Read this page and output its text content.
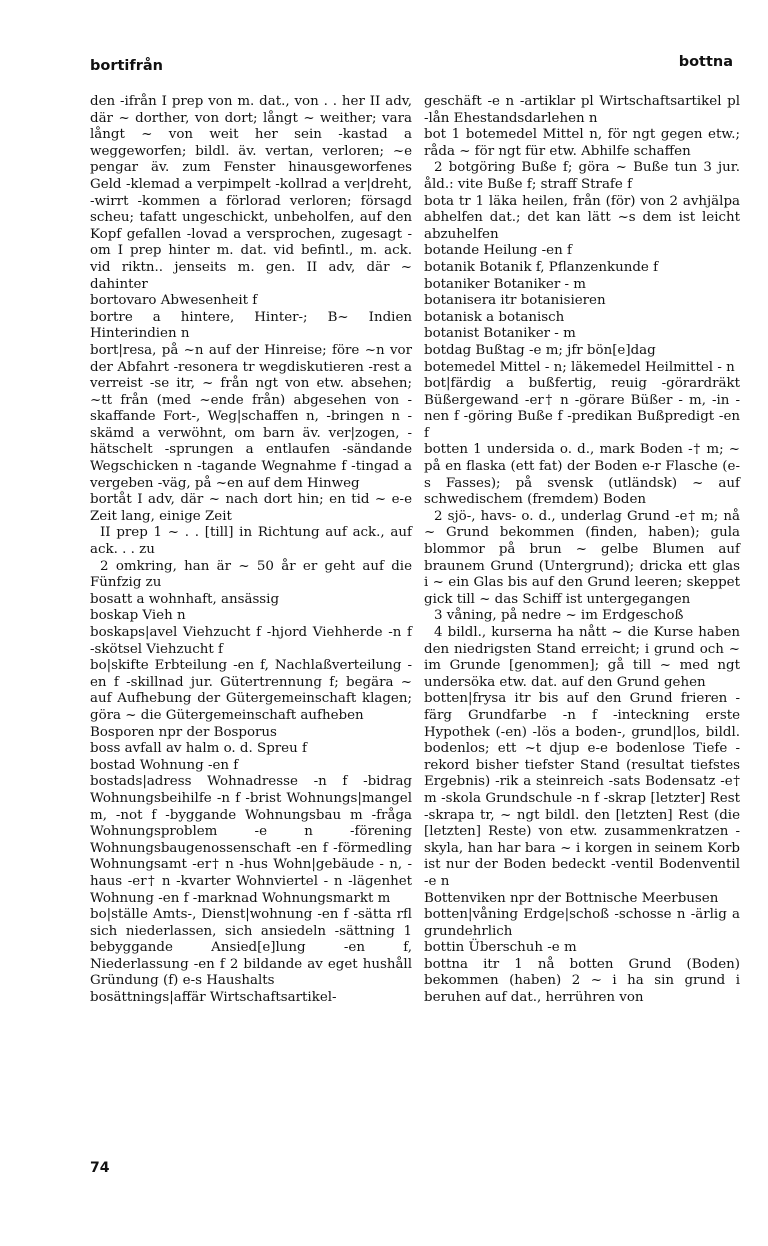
bortifrån	bottna

den -ifrån I prep von m. dat., von . . her II adv, där ~ dorther, von dort; långt ~ weither; vara långt ~ von weit her sein -kastad a weggeworfen; bildl. äv. vertan, verloren; ~e pengar äv. zum Fenster hinausgeworfenes Geld -klemad a verpimpelt -kollrad a ver|dreht, -wirrt -kommen a förlorad verloren; försagd scheu; tafatt ungeschickt, unbeholfen, auf den Kopf gefallen -lovad a versprochen, zugesagt -om I prep hinter m. dat. vid befintl., m. ack. vid riktn.. jenseits m. gen. II adv, där ~ dahinter

bortovaro Abwesenheit f

bortre a hintere, Hinter-; B~ Indien Hinterindien n

bort|resa, på ~n auf der Hinreise; före ~n vor der Abfahrt -resonera tr wegdiskutieren -rest a verreist -se itr, ~ från ngt von etw. absehen; ~tt från (med ~ende från) abgesehen von -skaffande Fort-, Weg|schaffen n, -bringen n -skämd a verwöhnt, om barn äv. ver|zogen, -hätschelt -sprungen a entlaufen -sändande Wegschicken n -tagande Wegnahme f -tingad a vergeben -väg, på ~en auf dem Hinweg

bortåt I adv, där ~ nach dort hin; en tid ~ e-e Zeit lang, einige Zeit

II prep 1 ~ . . [till] in Richtung auf ack., auf ack. . . zu

2 omkring, han är ~ 50 år er geht auf die Fünfzig zu

bosatt a wohnhaft, ansässig

boskap Vieh n

boskaps|avel Viehzucht f -hjord Viehherde -n f -skötsel Viehzucht f

bo|skifte Erbteilung -en f, Nachlaßverteilung -en f -skillnad jur. Gütertrennung f; begära ~ auf Aufhebung der Gütergemeinschaft klagen; göra ~ die Gütergemeinschaft aufheben

Bosporen npr der Bosporus

boss avfall av halm o. d. Spreu f

bostad Wohnung -en f

bostads|adress Wohnadresse -n f -bidrag Wohnungsbeihilfe -n f -brist Wohnungs|mangel m, -not f -byggande Wohnungsbau m -fråga Wohnungsproblem -e n -förening Wohnungsbaugenossenschaft -en f -förmedling Wohnungsamt -er† n -hus Wohn|gebäude - n, -haus -er† n -kvarter Wohnviertel - n -lägenhet Wohnung -en f -marknad Wohnungsmarkt m

bo|ställe Amts-, Dienst|wohnung -en f -sätta rfl sich niederlassen, sich ansiedeln -sättning 1 bebyggande Ansied[e]lung -en f, Niederlassung -en f 2 bildande av eget hushåll Gründung (f) e-s Haushalts

bosättnings|affär Wirtschaftsartikel-

geschäft -e n -artiklar pl Wirtschaftsartikel pl -lån Ehestandsdarlehen n

bot 1 botemedel Mittel n, för ngt gegen etw.; råda ~ för ngt für etw. Abhilfe schaffen

2 botgöring Buße f; göra ~ Buße tun 3 jur. åld.: vite Buße f; straff Strafe f

bota tr 1 läka heilen, från (för) von 2 avhjälpa abhelfen dat.; det kan lätt ~s dem ist leicht abzuhelfen

botande Heilung -en f

botanik Botanik f, Pflanzenkunde f

botaniker Botaniker - m

botanisera itr botanisieren

botanisk a botanisch

botanist Botaniker - m

botdag Bußtag -e m; jfr bön[e]dag

botemedel Mittel - n; läkemedel Heilmittel - n

bot|färdig a bußfertig, reuig -görardräkt Büßergewand -er† n -görare Büßer - m, -in -nen f -göring Buße f -predikan Bußpredigt -en f

botten 1 undersida o. d., mark Boden -† m; ~ på en flaska (ett fat) der Boden e-r Flasche (e-s Fasses); på svensk (utländsk) ~ auf schwedischem (fremdem) Boden

2 sjö-, havs- o. d., underlag Grund -e† m; nå ~ Grund bekommen (finden, haben); gula blommor på brun ~ gelbe Blumen auf braunem Grund (Untergrund); dricka ett glas i ~ ein Glas bis auf den Grund leeren; skeppet gick till ~ das Schiff ist untergegangen

3 våning, på nedre ~ im Erdgeschoß

4 bildl., kurserna ha nått ~ die Kurse haben den niedrigsten Stand erreicht; i grund och ~ im Grunde [genommen]; gå till ~ med ngt undersöka etw. dat. auf den Grund gehen

botten|frysa itr bis auf den Grund frieren -färg Grundfarbe -n f -inteckning erste Hypothek (-en) -lös a boden-, grund|los, bildl. bodenlos; ett ~t djup e-e bodenlose Tiefe -rekord bisher tiefster Stand (resultat tiefstes Ergebnis) -rik a steinreich -sats Bodensatz -e† m -skola Grundschule -n f -skrap [letzter] Rest -skrapa tr, ~ ngt bildl. den [letzten] Rest (die [letzten] Reste) von etw. zusammenkratzen -skyla, han har bara ~ i korgen in seinem Korb ist nur der Boden bedeckt -ventil Bodenventil -e n

Bottenviken npr der Bottnische Meerbusen

botten|våning Erdge|schoß -schosse n -ärlig a grundehrlich

bottin Überschuh -e m

bottna itr 1 nå botten Grund (Boden) bekommen (haben) 2 ~ i ha sin grund i beruhen auf dat., herrühren von

74
